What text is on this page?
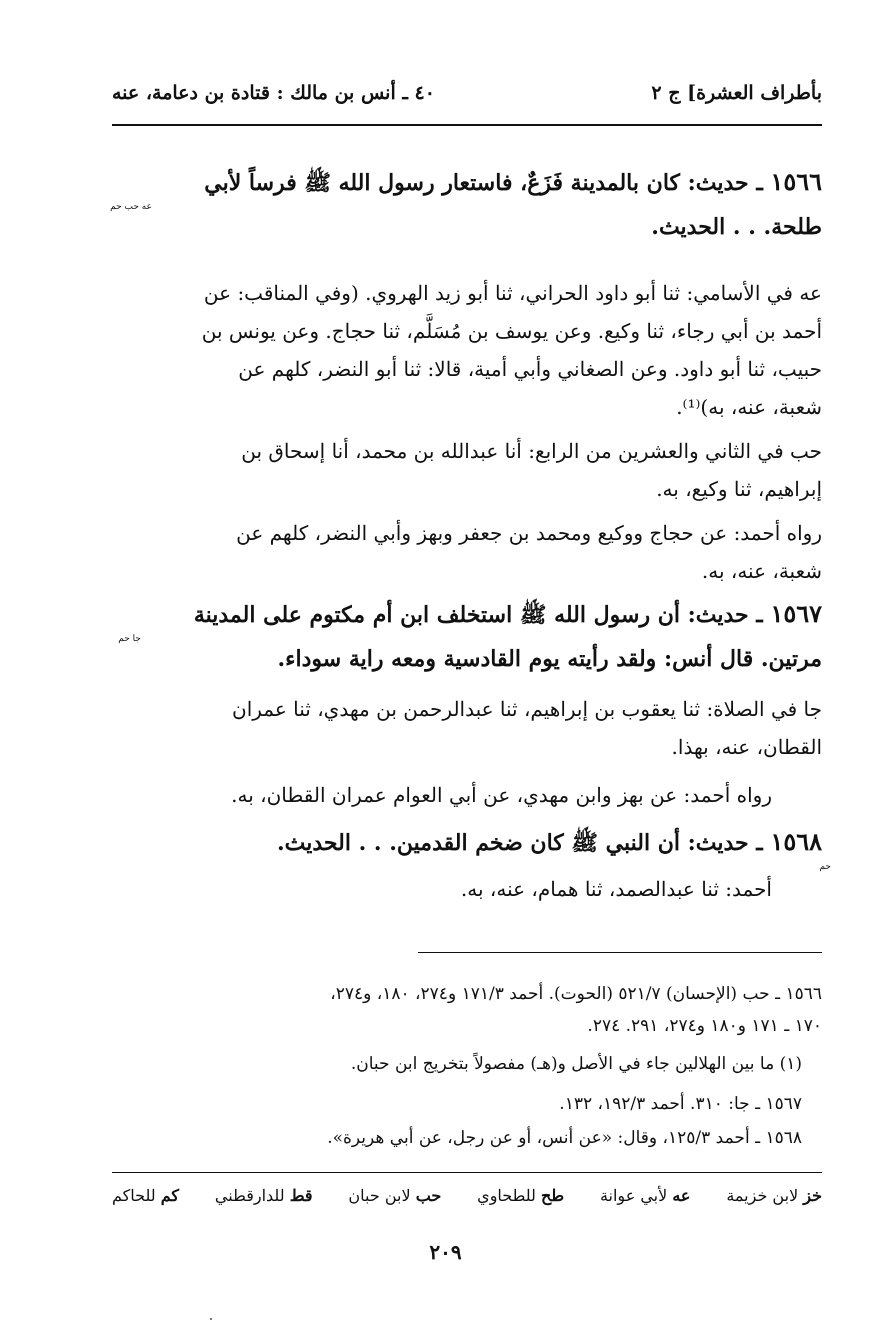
بأطراف العشرة] ج ٢
٤٠ ـ أنس بن مالك : قتادة بن دعامة، عنه
١٥٦٦ ـ حديث: كان بالمدينة فَزَعٌ، فاستعار رسول الله ﷺ فرساً لأبي
طلحة. . . الحديث.
عه حب حم
عه في الأسامي: ثنا أبو داود الحراني، ثنا أبو زيد الهروي. (وفي المناقب: عن
أحمد بن أبي رجاء، ثنا وكيع. وعن يوسف بن مُسَلَّم، ثنا حجاج. وعن يونس بن
حبيب، ثنا أبو داود. وعن الصغاني وأبي أمية، قالا: ثنا أبو النضر، كلهم عن
شعبة، عنه، به)⁽¹⁾.
حب في الثاني والعشرين من الرابع: أنا عبدالله بن محمد، أنا إسحاق بن
إبراهيم، ثنا وكيع، به.
رواه أحمد: عن حجاج ووكيع ومحمد بن جعفر وبهز وأبي النضر، كلهم عن
شعبة، عنه، به.
١٥٦٧ ـ حديث: أن رسول الله ﷺ استخلف ابن أم مكتوم على المدينة
مرتين. قال أنس: ولقد رأيته يوم القادسية ومعه راية سوداء.
جا حم
جا في الصلاة: ثنا يعقوب بن إبراهيم، ثنا عبدالرحمن بن مهدي، ثنا عمران
القطان، عنه، بهذا.
رواه أحمد: عن بهز وابن مهدي، عن أبي العوام عمران القطان، به.
١٥٦٨ ـ حديث: أن النبي ﷺ كان ضخم القدمين. . . الحديث.
حم
أحمد: ثنا عبدالصمد، ثنا همام، عنه، به.
١٥٦٦ ـ حب (الإحسان) ٥٢١/٧ (الحوت). أحمد ١٧١/٣ و٢٧٤، ١٨٠، و٢٧٤،
١٧٠ ـ ١٧١ و١٨٠ و٢٧٤، ٢٩١. ٢٧٤.
(١) ما بين الهلالين جاء في الأصل و(هـ) مفصولاً بتخريج ابن حبان.
١٥٦٧ ـ جا: ٣١٠. أحمد ١٩٢/٣، ١٣٢.
١٥٦٨ ـ أحمد ١٢٥/٣، وقال: «عن أنس، أو عن رجل، عن أبي هريرة».
خز لابن خزيمة
عه لأبي عوانة
طح للطحاوي
حب لابن حبان
قط للدارقطني
كم للحاكم
٢٠٩
